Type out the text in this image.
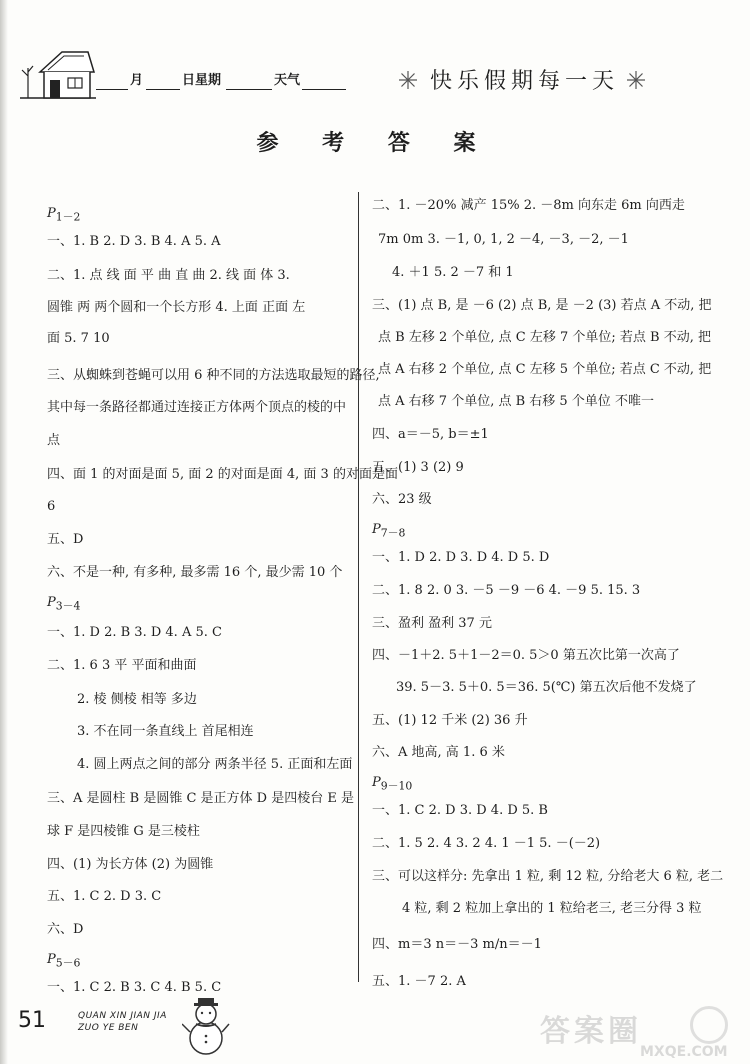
月	日星期	天气	快乐假期每一天
参 考 答 案
$P_{1-2}$
一、1. B 2. D 3. B 4. A 5. A
二、1. 点 线 面 平 曲 直 曲 2. 线 面 体 3.
圆锥 两 两个圆和一个长方形 4. 上面 正面 左
面 5. 7 10
三、从蜘蛛到苍蝇可以用 6 种不同的方法选取最短的路径,
其中每一条路径都通过连接正方体两个顶点的棱的中
点
四、面 1 的对面是面 5, 面 2 的对面是面 4, 面 3 的对面是面
6
五、D
六、不是一种, 有多种, 最多需 16 个, 最少需 10 个
$P_{3-4}$
一、1. D 2. B 3. D 4. A 5. C
二、1. 6 3 平 平面和曲面
2. 棱 侧棱 相等 多边
3. 不在同一条直线上 首尾相连
4. 圆上两点之间的部分 两条半径 5. 正面和左面
三、A 是圆柱 B 是圆锥 C 是正方体 D 是四棱台 E 是
球 F 是四棱锥 G 是三棱柱
四、(1) 为长方体 (2) 为圆锥
五、1. C 2. D 3. C
六、D
$P_{5-6}$
一、1. C 2. B 3. C 4. B 5. C
二、1. －20% 减产 15% 2. －8m 向东走 6m 向西走
7m 0m 3. －1, 0, 1, 2 －4, －3, －2, －1
4. ＋1 5. 2 －7 和 1
三、(1) 点 B, 是 －6 (2) 点 B, 是 －2 (3) 若点 A 不动, 把
点 B 左移 2 个单位, 点 C 左移 7 个单位; 若点 B 不动, 把
点 A 右移 2 个单位, 点 C 左移 5 个单位; 若点 C 不动, 把
点 A 右移 7 个单位, 点 B 右移 5 个单位 不唯一
四、a＝－5, b＝±1
五、(1) 3 (2) 9
六、23 级
$P_{7-8}$
一、1. D 2. D 3. D 4. D 5. D
二、1. 8 2. 0 3. －5 －9 －6 4. －9 5. 15. 3
三、盈利 盈利 37 元
四、－1＋2. 5＋1－2＝0. 5＞0 第五次比第一次高了
39. 5－3. 5＋0. 5＝36. 5(℃) 第五次后他不发烧了
五、(1) 12 千米 (2) 36 升
六、A 地高, 高 1. 6 米
$P_{9-10}$
一、1. C 2. D 3. D 4. D 5. B
二、1. 5 2. 4 3. 2 4. 1 －1 5. －(－2)
三、可以这样分: 先拿出 1 粒, 剩 12 粒, 分给老大 6 粒, 老二
4 粒, 剩 2 粒加上拿出的 1 粒给老三, 老三分得 3 粒
四、m＝3 n＝－3 m/n＝－1
五、1. －7 2. A
51	QUAN XIN JIAN JIA
ZUO YE BEN	答案圈
MXQE.COM
